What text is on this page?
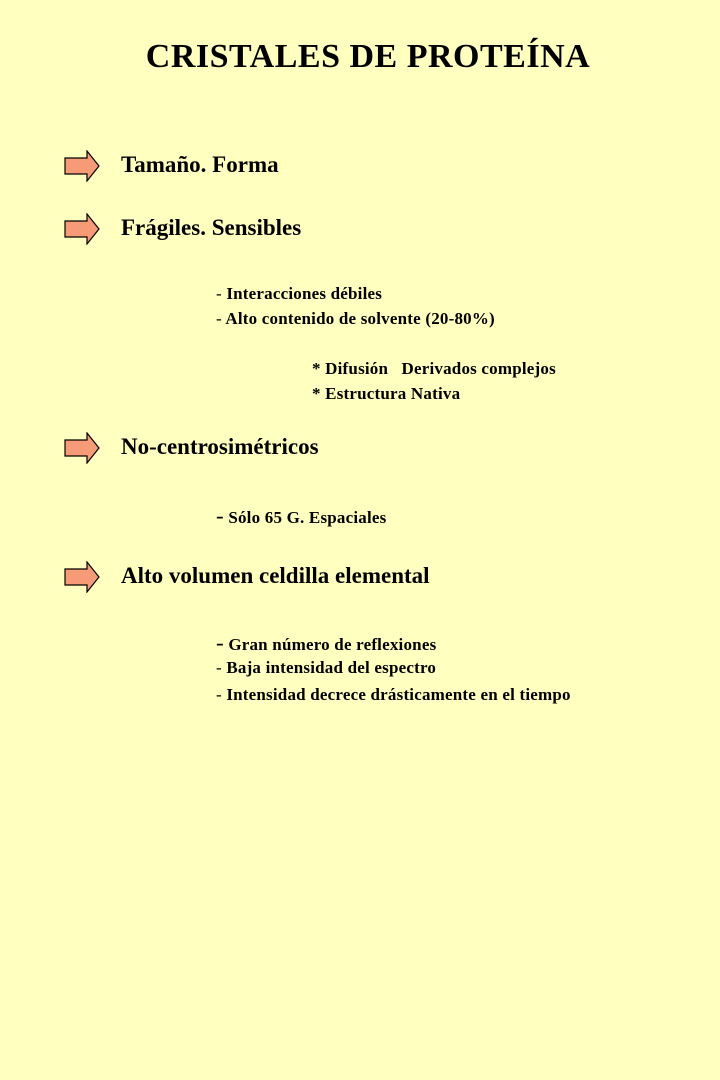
CRISTALES DE PROTEÍNA
Tamaño. Forma
Frágiles. Sensibles
- Interacciones débiles
- Alto contenido de solvente (20-80%)
* Difusión   Derivados complejos
* Estructura Nativa
No-centrosimétricos
- Sólo 65 G. Espaciales
Alto volumen celdilla elemental
- Gran número de reflexiones
- Baja intensidad del espectro
- Intensidad decrece drásticamente en el tiempo
